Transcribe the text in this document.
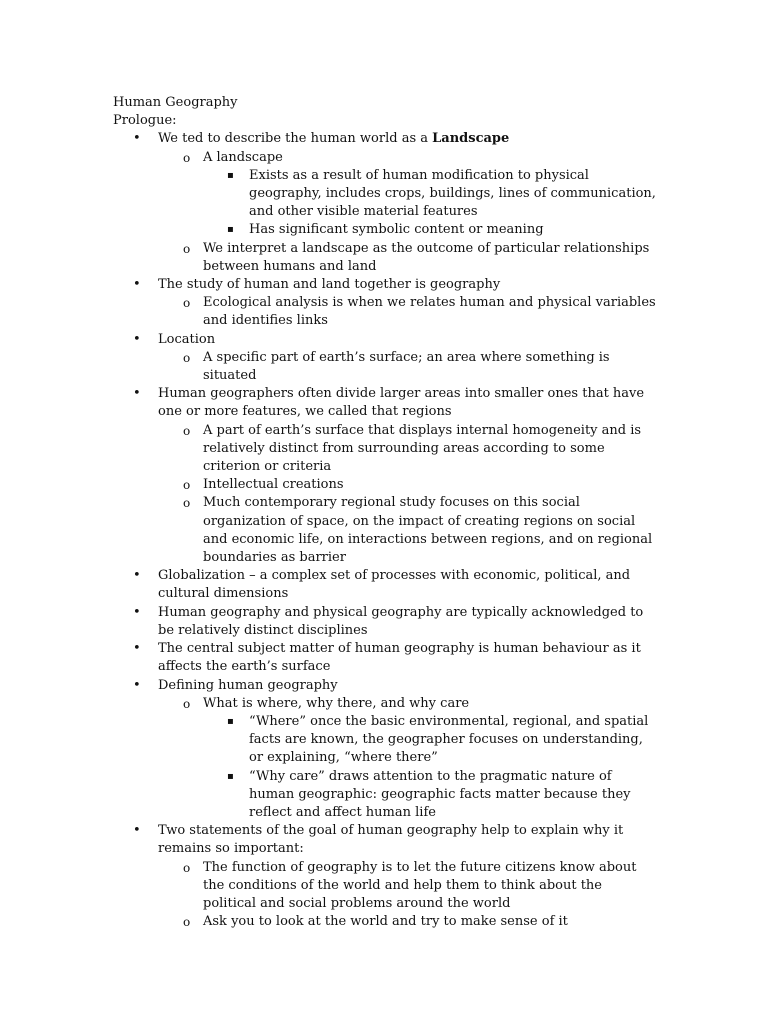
Human Geography

Prologue:

• We ted to describe the human world as a Landscape
o A landscape
▪ Exists as a result of human modification to physical geography, includes crops, buildings, lines of communication, and other visible material features
▪ Has significant symbolic content or meaning
o We interpret a landscape as the outcome of particular relationships between humans and land
• The study of human and land together is geography
o Ecological analysis is when we relates human and physical variables and identifies links
• Location
o A specific part of earth’s surface; an area where something is situated
• Human geographers often divide larger areas into smaller ones that have one or more features, we called that regions
o A part of earth’s surface that displays internal homogeneity and is relatively distinct from surrounding areas according to some criterion or criteria
o Intellectual creations
o Much contemporary regional study focuses on this social organization of space, on the impact of creating regions on social and economic life, on interactions between regions, and on regional boundaries as barrier
• Globalization – a complex set of processes with economic, political, and cultural dimensions
• Human geography and physical geography are typically acknowledged to be relatively distinct disciplines
• The central subject matter of human geography is human behaviour as it affects the earth’s surface
• Defining human geography
o What is where, why there, and why care
▪ “Where” once the basic environmental, regional, and spatial facts are known, the geographer focuses on understanding, or explaining, “where there”
▪ “Why care” draws attention to the pragmatic nature of human geographic: geographic facts matter because they reflect and affect human life
• Two statements of the goal of human geography help to explain why it remains so important:
o The function of geography is to let the future citizens know about the conditions of the world and help them to think about the political and social problems around the world
o Ask you to look at the world and try to make sense of it
